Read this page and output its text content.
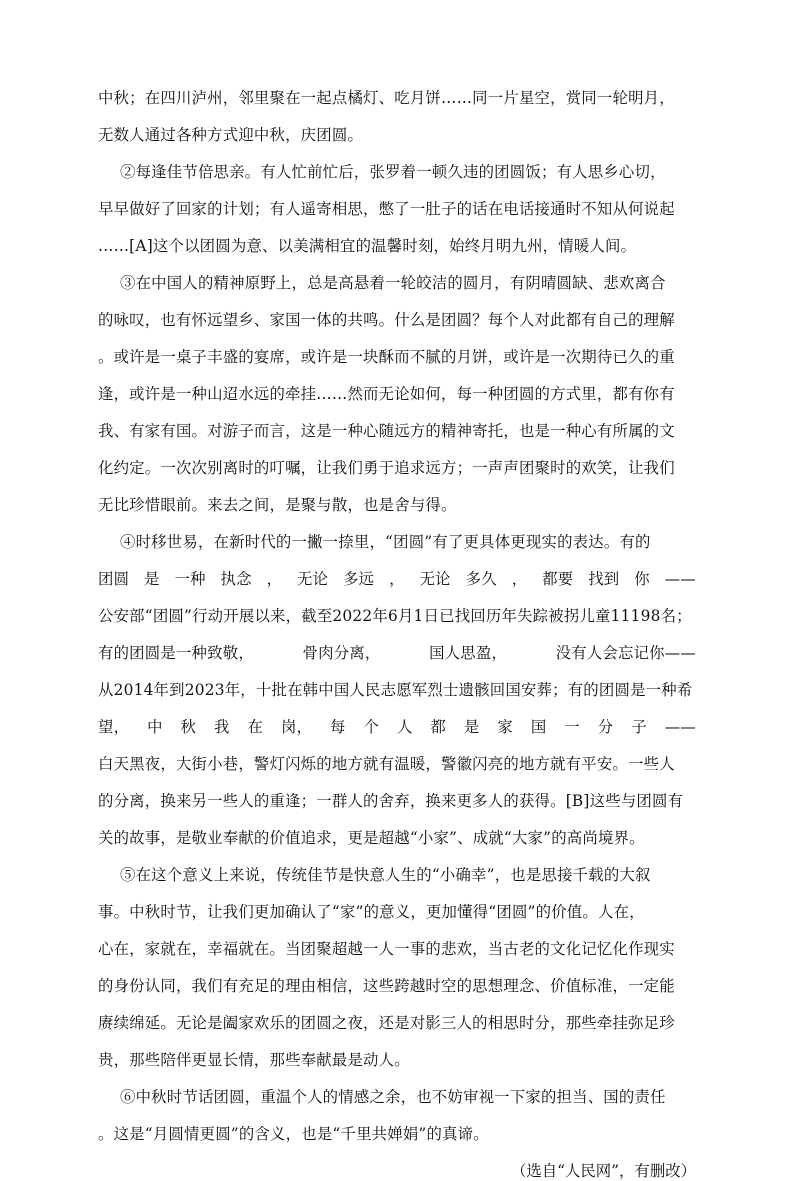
中秋；在四川泸州，邻里聚在一起点橘灯、吃月饼……同一片星空，赏同一轮明月，
无数人通过各种方式迎中秋，庆团圆。
②每逢佳节倍思亲。有人忙前忙后，张罗着一顿久违的团圆饭；有人思乡心切，
早早做好了回家的计划；有人遥寄相思，憋了一肚子的话在电话接通时不知从何说起
……[A]这个以团圆为意、以美满相宜的温馨时刻，始终月明九州，情暖人间。
③在中国人的精神原野上，总是高悬着一轮皎洁的圆月，有阴晴圆缺、悲欢离合
的咏叹，也有怀远望乡、家国一体的共鸣。什么是团圆？每个人对此都有自己的理解
。或许是一桌子丰盛的宴席，或许是一块酥而不腻的月饼，或许是一次期待已久的重
逢，或许是一种山迢水远的牵挂……然而无论如何，每一种团圆的方式里，都有你有
我、有家有国。对游子而言，这是一种心随远方的精神寄托，也是一种心有所属的文
化约定。一次次别离时的叮嘱，让我们勇于追求远方；一声声团聚时的欢笑，让我们
无比珍惜眼前。来去之间，是聚与散，也是舍与得。
④时移世易，在新时代的一撇一捺里，“团圆”有了更具体更现实的表达。有的
团圆 是 一种 执念 ， 无论 多远 ， 无论 多久 ， 都要 找到 你 ——
公安部“团圆”行动开展以来，截至2022年6月1日已找回历年失踪被拐儿童11198名；
有的团圆是一种致敬，	骨肉分离，	国人思盈，	没有人会忘记你——
从2014年到2023年，十批在韩中国人民志愿军烈士遗骸回国安葬；有的团圆是一种希
望， 中 秋 我 在 岗， 每 个 人 都 是 家 国 一 分 子 ——
白天黑夜，大街小巷，警灯闪烁的地方就有温暖，警徽闪亮的地方就有平安。一些人
的分离，换来另一些人的重逢；一群人的舍弃，换来更多人的获得。[B]这些与团圆有
关的故事，是敬业奉献的价值追求，更是超越“小家”、成就“大家”的高尚境界。
⑤在这个意义上来说，传统佳节是快意人生的“小确幸”，也是思接千载的大叙
事。中秋时节，让我们更加确认了“家”的意义，更加懂得“团圆”的价值。人在，
心在，家就在，幸福就在。当团聚超越一人一事的悲欢，当古老的文化记忆化作现实
的身份认同，我们有充足的理由相信，这些跨越时空的思想理念、价值标准，一定能
赓续绵延。无论是阖家欢乐的团圆之夜，还是对影三人的相思时分，那些牵挂弥足珍
贵，那些陪伴更显长情，那些奉献最是动人。
⑥中秋时节话团圆，重温个人的情感之余，也不妨审视一下家的担当、国的责任
。这是“月圆情更圆”的含义，也是“千里共婵娟”的真谛。
（选自“人民网”，有删改）
